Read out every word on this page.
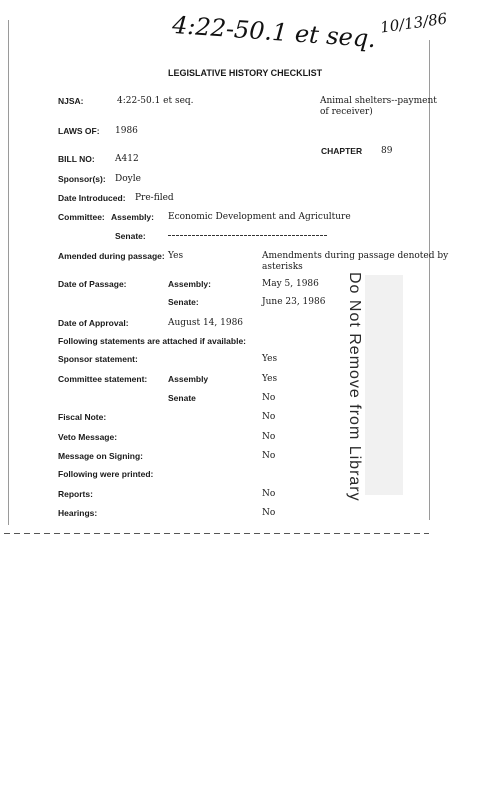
4:22-50.1 et seq. 10/13/86
LEGISLATIVE HISTORY CHECKLIST
NJSA:	4:22-50.1 et seq.	Animal shelters--payment
of receiver)
LAWS OF: 1986
CHAPTER 89
BILL NO: A412
Sponsor(s): Doyle
Date Introduced: Pre-filed
Committee: Assembly: Economic Development and Agriculture
Senate:
Amended during passage: Yes	Amendments during passage denoted by
asterisks
Date of Passage:	Assembly:	May 5, 1986
Senate:	June 23, 1986
Date of Approval:	August 14, 1986
Following statements are attached if available:
Sponsor statement:	Yes
Committee statement: Assembly	Yes
Senate	No
Fiscal Note:	No
Veto Message:	No
Message on Signing:	No
Following were printed:
Reports:	No
Hearings:	No
Do Not Remove from Library
